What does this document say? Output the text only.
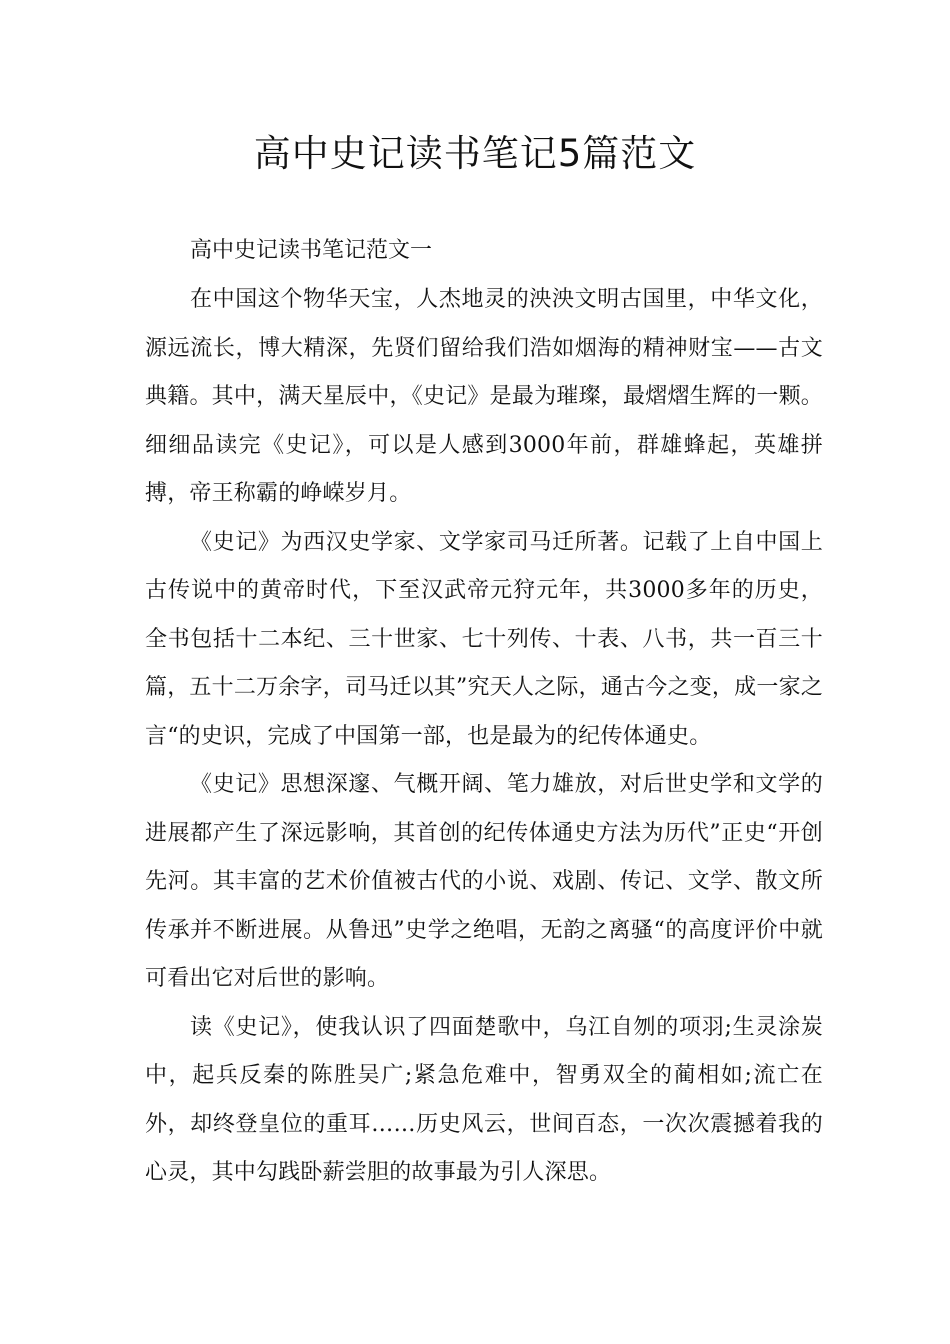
高中史记读书笔记5篇范文
高中史记读书笔记范文一

在中国这个物华天宝，人杰地灵的泱泱文明古国里，中华文化，源远流长，博大精深，先贤们留给我们浩如烟海的精神财宝——古文典籍。其中，满天星辰中，《史记》是最为璀璨，最熠熠生辉的一颗。细细品读完《史记》，可以是人感到3000年前，群雄蜂起，英雄拼搏，帝王称霸的峥嵘岁月。

《史记》为西汉史学家、文学家司马迁所著。记载了上自中国上古传说中的黄帝时代，下至汉武帝元狩元年，共3000多年的历史，全书包括十二本纪、三十世家、七十列传、十表、八书，共一百三十篇，五十二万余字，司马迁以其”究天人之际，通古今之变，成一家之言“的史识，完成了中国第一部，也是最为的纪传体通史。

《史记》思想深邃、气概开阔、笔力雄放，对后世史学和文学的进展都产生了深远影响，其首创的纪传体通史方法为历代”正史“开创先河。其丰富的艺术价值被古代的小说、戏剧、传记、文学、散文所传承并不断进展。从鲁迅”史学之绝唱，无韵之离骚“的高度评价中就可看出它对后世的影响。

读《史记》，使我认识了四面楚歌中，乌江自刎的项羽;生灵涂炭中，起兵反秦的陈胜吴广;紧急危难中，智勇双全的蔺相如;流亡在外，却终登皇位的重耳……历史风云，世间百态，一次次震撼着我的心灵，其中勾践卧薪尝胆的故事最为引人深思。
